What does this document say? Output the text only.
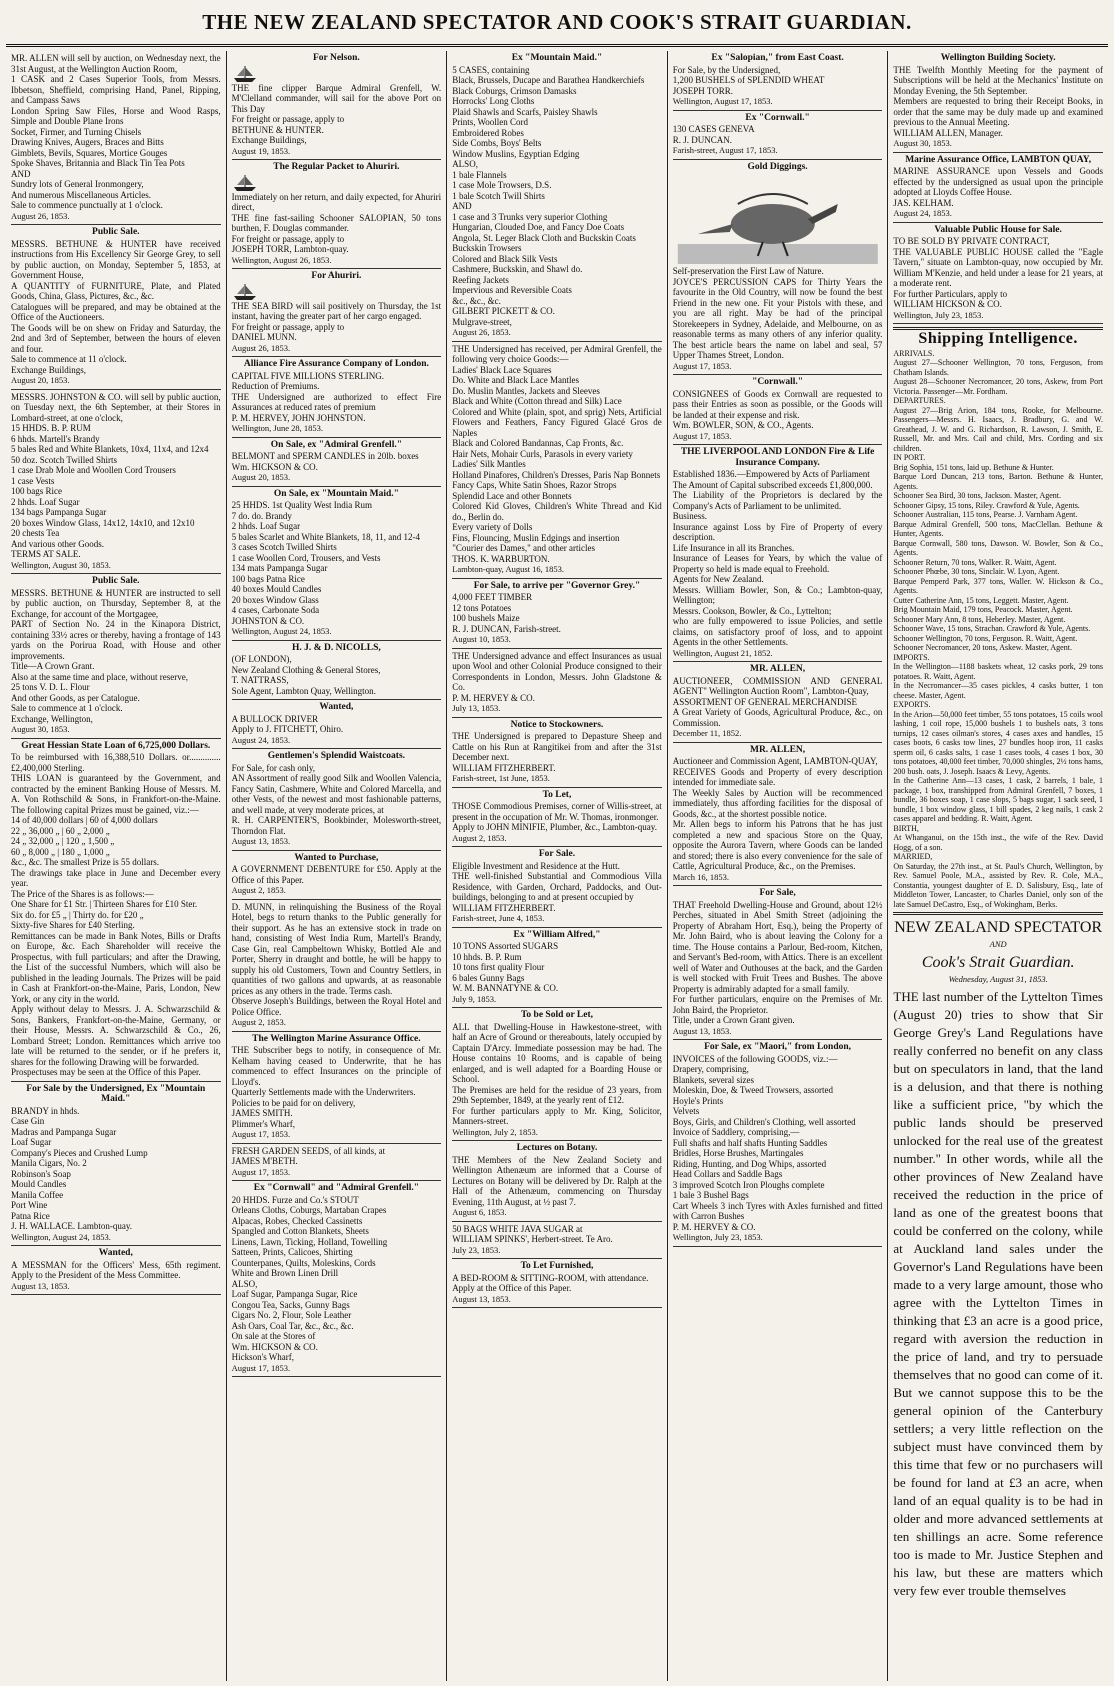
THE NEW ZEALAND SPECTATOR AND COOK'S STRAIT GUARDIAN.
MR. ALLEN will sell by auction, on Wednesday next, the 31st August, at the Wellington Auction Room,
1 CASK and 2 Cases Superior Tools, from Messrs. Ibbetson, Sheffield, comprising Hand, Panel, Ripping, and Campass Saws
London Spring Saw Files, Horse and Wood Rasps, Simple and Double Plane Irons
Socket, Firmer, and Turning Chisels
Drawing Knives, Augers, Braces and Bitts
Gimblets, Bevils, Squares, Mortice Gouges
Spoke Shaves, Britannia and Black Tin Tea Pots
AND
Sundry lots of General Ironmongery,
And numerous Miscellaneous Articles.
Sale to commence punctually at 1 o'clock.
August 26, 1853.
Public Sale.
MESSRS. BETHUNE & HUNTER have received instructions from His Excellency Sir George Grey, to sell by public auction, on Monday, September 5, 1853, at Government House,
A QUANTITY of FURNITURE, Plate, and Plated Goods, China, Glass, Pictures, &c., &c.
Catalogues will be prepared, and may be obtained at the Office of the Auctioneers.
The Goods will be on shew on Friday and Saturday, the 2nd and 3rd of September, between the hours of eleven and four.
Sale to commence at 11 o'clock.
Exchange Buildings,
August 20, 1853.
MESSRS. JOHNSTON & CO. will sell by public auction, on Tuesday next, the 6th September, at their Stores in Lombard-street, at one o'clock,
15 HHDS. B. P. RUM
6 hhds. Martell's Brandy
5 bales Red and White Blankets, 10x4, 11x4, and 12x4
50 doz. Scotch Twilled Shirts
1 case Drab Mole and Woollen Cord Trousers
1 case Vests
100 bags Rice
2 hhds. Loaf Sugar
134 bags Pampanga Sugar
20 boxes Window Glass, 14x12, 14x10, and 12x10
20 chests Tea
And various other Goods.
TERMS AT SALE.
Wellington, August 30, 1853.
Public Sale.
MESSRS. BETHUNE & HUNTER are instructed to sell by public auction, on Thursday, September 8, at the Exchange, for account of the Mortgagee,
PART of Section No. 24 in the Kinapora District, containing 33½ acres or thereby, having a frontage of 143 yards on the Porirua Road, with House and other improvements.
Title—A Crown Grant.
Also at the same time and place, without reserve,
25 tons V. D. L. Flour
And other Goods, as per Catalogue.
Sale to commence at 1 o'clock.
Exchange, Wellington,
August 30, 1853.
Great Hessian State Loan of 6,725,000 Dollars.
To be reimbursed with 16,388,510 Dollars. or..............£2,400,000 Sterling.
THIS LOAN is guaranteed by the Government, and contracted by the eminent Banking House of Messrs. M. A. Von Rothschild & Sons, in Frankfort-on-the-Maine. The following capital Prizes must be gained, viz.:—
14 of 40,000 dollars | 60 of 4,000 dollars
22 „ 36,000 „ | 60 „ 2,000 „
24 „ 32,000 „ | 120 „ 1,500 „
60 „ 8,000 „ | 180 „ 1,000 „
&c., &c. The smallest Prize is 55 dollars.
The drawings take place in June and December every year.
The Price of the Shares is as follows:—
One Share for £1 Str. | Thirteen Shares for £10 Ster.
Six do. for £5 „ | Thirty do. for £20 „
Sixty-five Shares for £40 Sterling.
Remittances can be made in Bank Notes, Bills or Drafts on Europe, &c. Each Shareholder will receive the Prospectus, with full particulars; and after the Drawing, the List of the successful Numbers, which will also be published in the leading Journals. The Prizes will be paid in Cash at Frankfort-on-the-Maine, Paris, London, New York, or any city in the world.
Apply without delay to Messrs. J. A. Schwarzschild & Sons, Bankers, Frankfort-on-the-Maine, Germany, or their House, Messrs. A. Schwarzschild & Co., 26, Lombard Street; London. Remittances which arrive too late will be returned to the sender, or if he prefers it, shares for the following Drawing will be forwarded.
Prospectuses may be seen at the Office of this Paper.
For Sale by the Undersigned, Ex "Mountain Maid."
BRANDY in hhds.
Case Gin
Madras and Pampanga Sugar
Loaf Sugar
Company's Pieces and Crushed Lump
Manila Cigars, No. 2
Robinson's Soap
Mould Candles
Manila Coffee
Port Wine
Patna Rice
J. H. WALLACE. Lambton-quay.
Wellington, August 24, 1853.
Wanted,
A MESSMAN for the Officers' Mess, 65th regiment. Apply to the President of the Mess Committee.
August 13, 1853.
For Nelson.
THE fine clipper Barque Admiral Grenfell, W. M'Clelland commander, will sail for the above Port on This Day
For freight or passage, apply to
BETHUNE & HUNTER.
Exchange Buildings,
August 19, 1853.
The Regular Packet to Ahuriri.
Immediately on her return, and daily expected, for Ahuriri direct,
THE fine fast-sailing Schooner SALOPIAN, 50 tons burthen, F. Douglas commander.
For freight or passage, apply to
JOSEPH TORR, Lambton-quay.
Wellington, August 26, 1853.
For Ahuriri.
THE SEA BIRD will sail positively on Thursday, the 1st instant, having the greater part of her cargo engaged.
For freight or passage, apply to
DANIEL MUNN.
August 26, 1853.
Alliance Fire Assurance Company of London.
CAPITAL FIVE MILLIONS STERLING.
Reduction of Premiums.
THE Undersigned are authorized to effect Fire Assurances at reduced rates of premium
P. M. HERVEY, JOHN JOHNSTON.
Wellington, June 28, 1853.
On Sale, ex "Admiral Grenfell."
BELMONT and SPERM CANDLES in 20lb. boxes
Wm. HICKSON & CO.
August 20, 1853.
On Sale, ex "Mountain Maid."
25 HHDS. 1st Quality West India Rum
7 do. do. Brandy
2 hhds. Loaf Sugar
5 bales Scarlet and White Blankets, 18, 11, and 12-4
3 cases Scotch Twilled Shirts
1 case Woollen Cord, Trousers, and Vests
134 mats Pampanga Sugar
100 bags Patna Rice
40 boxes Mould Candles
20 boxes Window Glass
4 cases, Carbonate Soda
JOHNSTON & CO.
Wellington, August 24, 1853.
H. J. & D. NICOLLS,
(OF LONDON),
New Zealand Clothing & General Stores,
T. NATTRASS,
Sole Agent, Lambton Quay, Wellington.
Wanted,
A BULLOCK DRIVER
Apply to J. FITCHETT, Ohiro.
August 24, 1853.
Gentlemen's Splendid Waistcoats.
For Sale, for cash only,
AN Assortment of really good Silk and Woollen Valencia, Fancy Satin, Cashmere, White and Colored Marcella, and other Vests, of the newest and most fashionable patterns, and well made, at very moderate prices, at
R. H. CARPENTER'S, Bookbinder, Molesworth-street, Thorndon Flat.
August 13, 1853.
Wanted to Purchase,
A GOVERNMENT DEBENTURE for £50. Apply at the Office of this Paper.
August 2, 1853.
D. MUNN, in relinquishing the Business of the Royal Hotel, begs to return thanks to the Public generally for their support. As he has an extensive stock in trade on hand, consisting of West India Rum, Martell's Brandy, Case Gin, real Campbeltown Whisky, Bottled Ale and Porter, Sherry in draught and bottle, he will be happy to supply his old Customers, Town and Country Settlers, in quantities of two gallons and upwards, at as reasonable prices as any others in the trade. Terms cash.
Observe Joseph's Buildings, between the Royal Hotel and Police Office.
August 2, 1853.
The Wellington Marine Assurance Office.
THE Subscriber begs to notify, in consequence of Mr. Kelham having ceased to Underwrite, that he has commenced to effect Insurances on the principle of Lloyd's.
Quarterly Settlements made with the Underwriters.
Policies to be paid for on delivery,
JAMES SMITH.
Plimmer's Wharf,
August 17, 1853.
FRESH GARDEN SEEDS, of all kinds, at
JAMES M'BETH.
August 17, 1853.
Ex "Cornwall" and "Admiral Grenfell."
20 HHDS. Furze and Co.'s STOUT
Orleans Cloths, Coburgs, Martaban Crapes
Alpacas, Robes, Checked Cassinetts
Spangled and Cotton Blankets, Sheets
Linens, Lawn, Ticking, Holland, Towelling
Satteen, Prints, Calicoes, Shirting
Counterpanes, Quilts, Moleskins, Cords
White and Brown Linen Drill
ALSO,
Loaf Sugar, Pampanga Sugar, Rice
Congou Tea, Sacks, Gunny Bags
Cigars No. 2, Flour, Sole Leather
Ash Oars, Coal Tar, &c., &c., &c.
On sale at the Stores of
Wm. HICKSON & CO.
Hickson's Wharf,
August 17, 1853.
Ex "Mountain Maid."
5 CASES, containing
Black, Brussels, Ducape and Barathea Handkerchiefs
Black Coburgs, Crimson Damasks
Horrocks' Long Cloths
Plaid Shawls and Scarfs, Paisley Shawls
Prints, Woollen Cord
Embroidered Robes
Side Combs, Boys' Belts
Window Muslins, Egyptian Edging
ALSO,
1 bale Flannels
1 case Mole Trowsers, D.S.
1 bale Scotch Twill Shirts
AND
1 case and 3 Trunks very superior Clothing
Hungarian, Clouded Doe, and Fancy Doe Coats
Angola, St. Leger Black Cloth and Buckskin Coats
Buckskin Trowsers
Colored and Black Silk Vests
Cashmere, Buckskin, and Shawl do.
Reefing Jackets
Impervious and Reversible Coats
&c., &c., &c.
GILBERT PICKETT & CO.
Mulgrave-street,
August 26, 1853.
THE Undersigned has received, per Admiral Grenfell, the following very choice Goods:—
Ladies' Black Lace Squares
Do. White and Black Lace Mantles
Do. Muslin Mantles, Jackets and Sleeves
Black and White (Cotton thread and Silk) Lace
Colored and White (plain, spot, and sprig) Nets, Artificial Flowers and Feathers, Fancy Figured Glacé Gros de Naples
Black and Colored Bandannas, Cap Fronts, &c.
Hair Nets, Mohair Curls, Parasols in every variety
Ladies' Silk Mantles
Holland Pinafores, Children's Dresses, Paris Nap Bonnets
Fancy Caps, White Satin Shoes, Razor Strops
Splendid Lace and other Bonnets
Colored Kid Gloves, Children's White Thread and Kid do., Berlin do.
Every variety of Dolls
Fins, Flouncing, Muslin Edgings and insertion
"Courier des Dames," and other articles
THOS. K. WARBURTON.
Lambton-quay, August 16, 1853.
For Sale, to arrive per "Governor Grey."
4,000 FEET TIMBER
12 tons Potatoes
100 bushels Maize
R. J. DUNCAN, Farish-street.
August 10, 1853.
THE Undersigned advance and effect Insurances as usual upon Wool and other Colonial Produce consigned to their Correspondents in London, Messrs. John Gladstone & Co.
P. M. HERVEY & CO.
July 13, 1853.
Notice to Stockowners.
THE Undersigned is prepared to Depasture Sheep and Cattle on his Run at Rangitikei from and after the 31st December next.
WILLIAM FITZHERBERT.
Farish-street, 1st June, 1853.
To Let,
THOSE Commodious Premises, corner of Willis-street, at present in the occupation of Mr. W. Thomas, ironmonger.
Apply to JOHN MINIFIE, Plumber, &c., Lambton-quay.
August 2, 1853.
For Sale.
Eligible Investment and Residence at the Hutt.
THE well-finished Substantial and Commodious Villa Residence, with Garden, Orchard, Paddocks, and Out-buildings, belonging to and at present occupied by
WILLIAM FITZHERBERT.
Farish-street, June 4, 1853.
Ex "William Alfred,"
10 TONS Assorted SUGARS
10 hhds. B. P. Rum
10 tons first quality Flour
6 bales Gunny Bags
W. M. BANNATYNE & CO.
July 9, 1853.
To be Sold or Let,
ALL that Dwelling-House in Hawkestone-street, with half an Acre of Ground or thereabouts, lately occupied by Captain D'Arcy. Immediate possession may be had. The House contains 10 Rooms, and is capable of being enlarged, and is well adapted for a Boarding House or School.
The Premises are held for the residue of 23 years, from 29th September, 1849, at the yearly rent of £12.
For further particulars apply to Mr. King, Solicitor, Manners-street.
Wellington, July 2, 1853.
Lectures on Botany.
THE Members of the New Zealand Society and Wellington Athenæum are informed that a Course of Lectures on Botany will be delivered by Dr. Ralph at the Hall of the Athenæum, commencing on Thursday Evening, 11th August, at ½ past 7.
August 6, 1853.
50 BAGS WHITE JAVA SUGAR at
WILLIAM SPINKS', Herbert-street. Te Aro.
July 23, 1853.
To Let Furnished,
A BED-ROOM & SITTING-ROOM, with attendance.
Apply at the Office of this Paper.
August 13, 1853.
Ex "Salopian," from East Coast.
For Sale, by the Undersigned,
1,200 BUSHELS of SPLENDID WHEAT
JOSEPH TORR.
Wellington, August 17, 1853.
Ex "Cornwall."
130 CASES GENEVA
R. J. DUNCAN.
Farish-street, August 17, 1853.
Gold Diggings.
Self-preservation the First Law of Nature.
JOYCE'S PERCUSSION CAPS for Thirty Years the favourite in the Old Country, will now be found the best Friend in the new one. Fit your Pistols with these, and you are all right. May be had of the principal Storekeepers in Sydney, Adelaide, and Melbourne, on as reasonable terms as many others of any inferior quality. The best article bears the name on label and seal, 57 Upper Thames Street, London.
August 17, 1853.
"Cornwall."
CONSIGNEES of Goods ex Cornwall are requested to pass their Entries as soon as possible, or the Goods will be landed at their expense and risk.
Wm. BOWLER, SON, & CO., Agents.
August 17, 1853.
THE LIVERPOOL AND LONDON Fire & Life Insurance Company.
Established 1836.—Empowered by Acts of Parliament
The Amount of Capital subscribed exceeds £1,800,000.
The Liability of the Proprietors is declared by the Company's Acts of Parliament to be unlimited.
Business.
Insurance against Loss by Fire of Property of every description.
Life Insurance in all its Branches.
Insurance of Leases for Years, by which the value of Property so held is made equal to Freehold.
Agents for New Zealand.
Messrs. William Bowler, Son, & Co.; Lambton-quay, Wellington;
Messrs. Cookson, Bowler, & Co., Lyttelton;
who are fully empowered to issue Policies, and settle claims, on satisfactory proof of loss, and to appoint Agents in the other Settlements.
Wellington, August 21, 1852.
MR. ALLEN,
AUCTIONEER, COMMISSION AND GENERAL AGENT" Wellington Auction Room", Lambton-Quay,
ASSORTMENT OF GENERAL MERCHANDISE
A Great Variety of Goods, Agricultural Produce, &c., on Commission.
December 11, 1852.
MR. ALLEN,
Auctioneer and Commission Agent, LAMBTON-QUAY,
RECEIVES Goods and Property of every description intended for immediate sale.
The Weekly Sales by Auction will be recommenced immediately, thus affording facilities for the disposal of Goods, &c., at the shortest possible notice.
Mr. Allen begs to inform his Patrons that he has just completed a new and spacious Store on the Quay, opposite the Aurora Tavern, where Goods can be landed and stored; there is also every convenience for the sale of Cattle, Agricultural Produce, &c., on the Premises.
March 16, 1853.
For Sale,
THAT Freehold Dwelling-House and Ground, about 12½ Perches, situated in Abel Smith Street (adjoining the Property of Abraham Hort, Esq.), being the Property of Mr. John Baird, who is about leaving the Colony for a time. The House contains a Parlour, Bed-room, Kitchen, and Servant's Bed-room, with Attics. There is an excellent well of Water and Outhouses at the back, and the Garden is well stocked with Fruit Trees and Bushes. The above Property is admirably adapted for a small family.
For further particulars, enquire on the Premises of Mr. John Baird, the Proprietor.
Title, under a Crown Grant given.
August 13, 1853.
For Sale, ex "Maori," from London,
INVOICES of the following GOODS, viz.:—
Drapery, comprising,
Blankets, several sizes
Moleskin, Doe, & Tweed Trowsers, assorted
Hoyle's Prints
Velvets
Boys, Girls, and Children's Clothing, well assorted
Invoice of Saddlery, comprising,—
Full shafts and half shafts Hunting Saddles
Bridles, Horse Brushes, Martingales
Riding, Hunting, and Dog Whips, assorted
Head Collars and Saddle Bags
3 improved Scotch Iron Ploughs complete
1 bale 3 Bushel Bags
Cart Wheels 3 inch Tyres with Axles furnished and fitted with Carron Bushes
P. M. HERVEY & CO.
Wellington, July 23, 1853.
Wellington Building Society.
THE Twelfth Monthly Meeting for the payment of Subscriptions will be held at the Mechanics' Institute on Monday Evening, the 5th September.
Members are requested to bring their Receipt Books, in order that the same may be duly made up and examined previous to the Annual Meeting.
WILLIAM ALLEN, Manager.
August 30, 1853.
Marine Assurance Office, LAMBTON QUAY,
MARINE ASSURANCE upon Vessels and Goods effected by the undersigned as usual upon the principle adopted at Lloyds Coffee House.
JAS. KELHAM.
August 24, 1853.
Valuable Public House for Sale.
TO BE SOLD BY PRIVATE CONTRACT,
THE VALUABLE PUBLIC HOUSE called the "Eagle Tavern," situate on Lambton-quay, now occupied by Mr. William M'Kenzie, and held under a lease for 21 years, at a moderate rent.
For further Particulars, apply to
WILLIAM HICKSON & CO.
Wellington, July 23, 1853.
Shipping Intelligence.
ARRIVALS.
August 27—Schooner Wellington, 70 tons, Ferguson, from Chatham Islands.
August 28—Schooner Necromancer, 20 tons, Askew, from Port Victoria. Passenger—Mr. Fordham.
DEPARTURES.
August 27—Brig Arion, 184 tons, Rooke, for Melbourne. Passengers—Messrs. H. Isaacs, J. Bradbury, G. and W. Greathead, J. W. and G. Richardson, R. Lawson, J. Smith, E. Russell, Mr. and Mrs. Cail and child, Mrs. Cording and six children.
IN PORT.
Brig Sophia, 151 tons, laid up. Bethune & Hunter.
Barque Lord Duncan, 213 tons, Barton. Bethune & Hunter, Agents.
Schooner Sea Bird, 30 tons, Jackson. Master, Agent.
Schooner Gipsy, 15 tons, Riley. Crawford & Yule, Agents.
Schooner Australian, 115 tons, Pearse. J. Varnham Agent.
Barque Admiral Grenfell, 500 tons, MacClellan. Bethune & Hunter, Agents.
Barque Cornwall, 580 tons, Dawson. W. Bowler, Son & Co., Agents.
Schooner Return, 70 tons, Walker. R. Waitt, Agent.
Schooner Phœbe, 30 tons, Sinclair. W. Lyon, Agent.
Barque Pemperd Park, 377 tons, Waller. W. Hickson & Co., Agents.
Cutter Catherine Ann, 15 tons, Leggett. Master, Agent.
Brig Mountain Maid, 179 tons, Peacock. Master, Agent.
Schooner Mary Ann, 8 tons, Heberley. Master, Agent.
Schooner Wave, 15 tons, Strachan. Crawford & Yule, Agents.
Schooner Wellington, 70 tons, Ferguson. R. Waitt, Agent.
Schooner Necromancer, 20 tons, Askew. Master, Agent.
IMPORTS.
In the Wellington—1188 baskets wheat, 12 casks pork, 29 tons potatoes. R. Waitt, Agent.
In the Necromancer—35 cases pickles, 4 casks butter, 1 ton cheese. Master, Agent.
EXPORTS.
In the Arion—50,000 feet timber, 55 tons potatoes, 15 coils wool lashing, 1 coil rope, 15,000 bushels 1 to bushels oats, 3 tons turnips, 12 cases oilman's stores, 4 cases axes and handles, 15 cases boots, 6 casks tow lines, 27 bundles hoop iron, 11 casks sperm oil, 6 casks salts, 1 case 1 cases tools, 4 cases 1 box, 30 tons potatoes, 40,000 feet timber, 70,000 shingles, 2½ tons hams, 200 bush. oats, J. Joseph. Isaacs & Levy, Agents.
In the Catherine Ann—13 cases, 1 cask, 2 barrels, 1 bale, 1 package, 1 box, transhipped from Admiral Grenfell, 7 boxes, 1 bundle, 36 boxes soap, 1 case slops, 5 bags sugar, 1 sack seed, 1 bundle, 1 box window glass, 1 bill spades, 2 keg nails, 1 cask 2 cases apparel and bedding. R. Waitt, Agent.
BIRTH,
At Whanganui, on the 15th inst., the wife of the Rev. David Hogg, of a son.
MARRIED,
On Saturday, the 27th inst., at St. Paul's Church, Wellington, by Rev. Samuel Poole, M.A., assisted by Rev. R. Cole, M.A., Constantia, youngest daughter of E. D. Salisbury, Esq., late of Middleton Tower, Lancaster, to Charles Daniel, only son of the late Samuel DeCastro, Esq., of Wokingham, Berks.
NEW ZEALAND SPECTATOR
AND
Cook's Strait Guardian.
Wednesday, August 31, 1853.
THE last number of the Lyttelton Times (August 20) tries to show that Sir George Grey's Land Regulations have really conferred no benefit on any class but on speculators in land, that the land is a delusion, and that there is nothing like a sufficient price, "by which the public lands should be preserved unlocked for the real use of the greatest number." In other words, while all the other provinces of New Zealand have received the reduction in the price of land as one of the greatest boons that could be conferred on the colony, while at Auckland land sales under the Governor's Land Regulations have been made to a very large amount, those who agree with the Lyttelton Times in thinking that £3 an acre is a good price, regard with aversion the reduction in the price of land, and try to persuade themselves that no good can come of it. But we cannot suppose this to be the general opinion of the Canterbury settlers; a very little reflection on the subject must have convinced them by this time that few or no purchasers will be found for land at £3 an acre, when land of an equal quality is to be had in older and more advanced settlements at ten shillings an acre. Some reference too is made to Mr. Justice Stephen and his law, but these are matters which very few ever trouble themselves
